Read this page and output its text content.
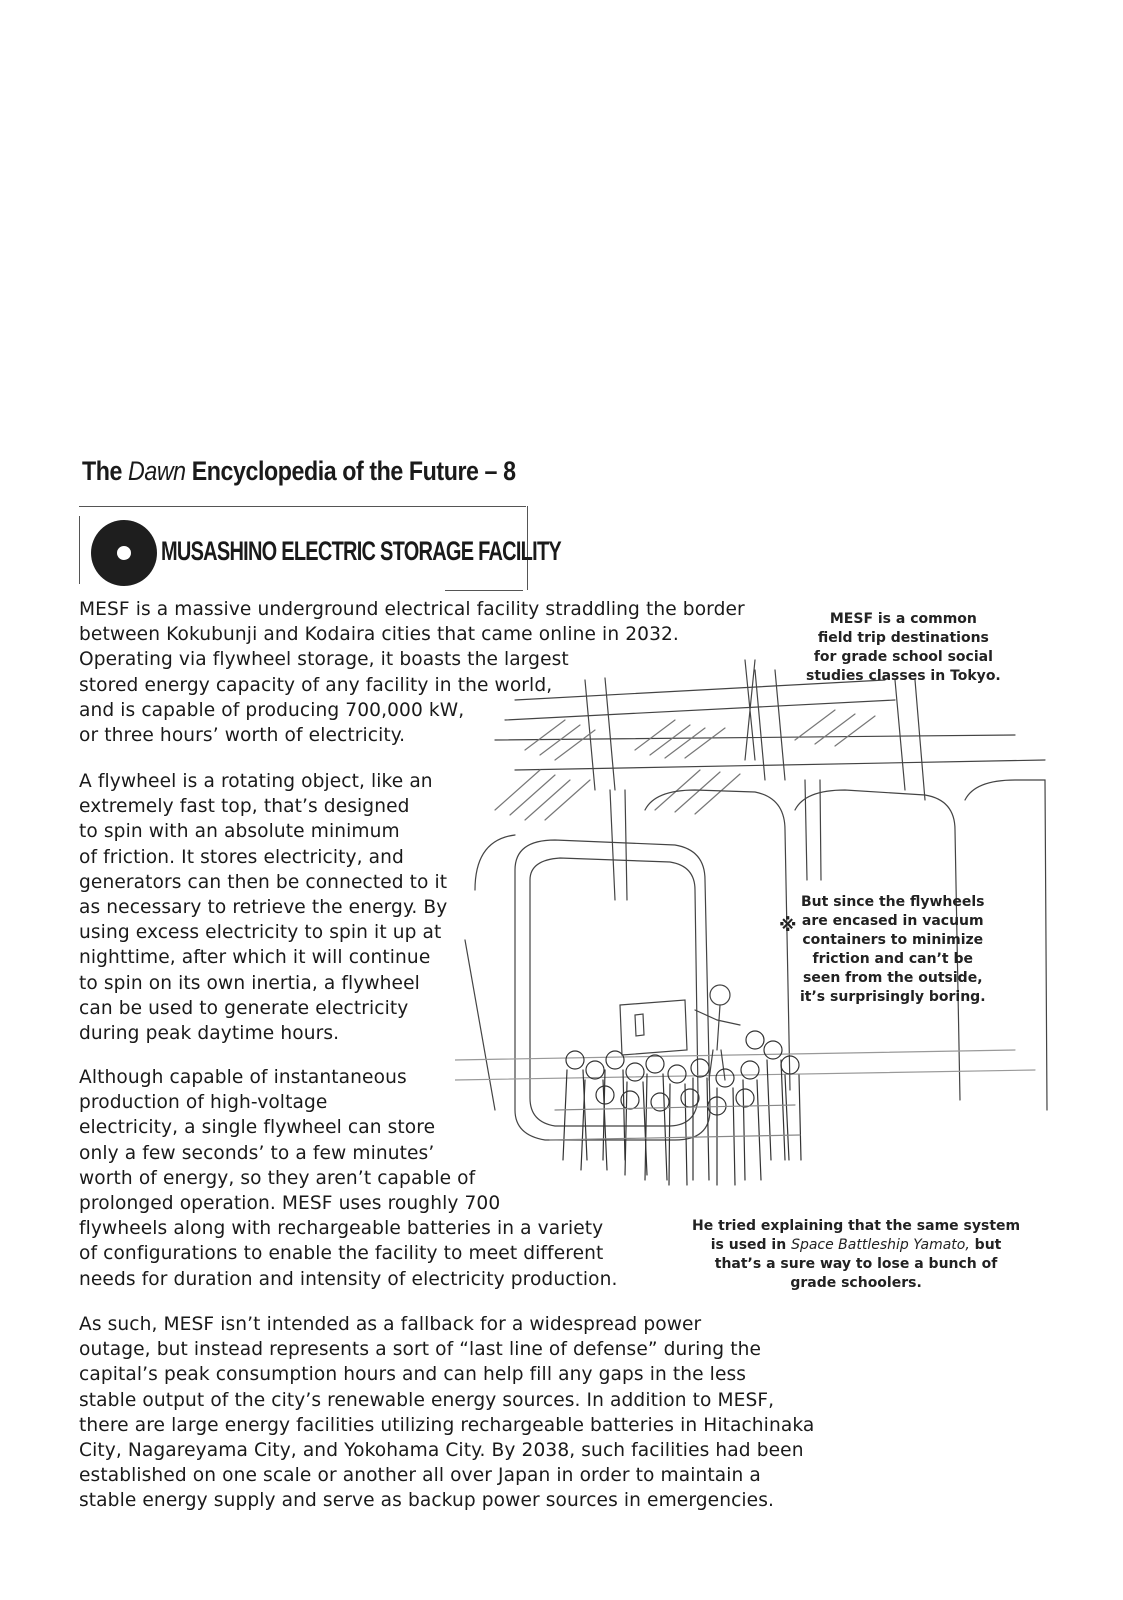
The Dawn Encyclopedia of the Future – 8
MUSASHINO ELECTRIC STORAGE FACILITY

MESF is a massive underground electrical facility straddling the border
between Kokubunji and Kodaira cities that came online in 2032.
Operating via flywheel storage, it boasts the largest
stored energy capacity of any facility in the world,
and is capable of producing 700,000 kW,
or three hours’ worth of electricity.

A flywheel is a rotating object, like an
extremely fast top, that’s designed
to spin with an absolute minimum
of friction. It stores electricity, and
generators can then be connected to it
as necessary to retrieve the energy. By
using excess electricity to spin it up at
nighttime, after which it will continue
to spin on its own inertia, a flywheel
can be used to generate electricity
during peak daytime hours.

Although capable of instantaneous
production of high-voltage
electricity, a single flywheel can store
only a few seconds’ to a few minutes’
worth of energy, so they aren’t capable of
prolonged operation. MESF uses roughly 700
flywheels along with rechargeable batteries in a variety
of configurations to enable the facility to meet different
needs for duration and intensity of electricity production.

As such, MESF isn’t intended as a fallback for a widespread power
outage, but instead represents a sort of “last line of defense” during the
capital’s peak consumption hours and can help fill any gaps in the less
stable output of the city’s renewable energy sources. In addition to MESF,
there are large energy facilities utilizing rechargeable batteries in Hitachinaka
City, Nagareyama City, and Yokohama City. By 2038, such facilities had been
established on one scale or another all over Japan in order to maintain a
stable energy supply and serve as backup power sources in emergencies.

MESF is a common
field trip destinations
for grade school social
studies classes in Tokyo.

※

But since the flywheels
are encased in vacuum
containers to minimize
friction and can’t be
seen from the outside,
it’s surprisingly boring.

He tried explaining that the same system
is used in Space Battleship Yamato, but
that’s a sure way to lose a bunch of
grade schoolers.
